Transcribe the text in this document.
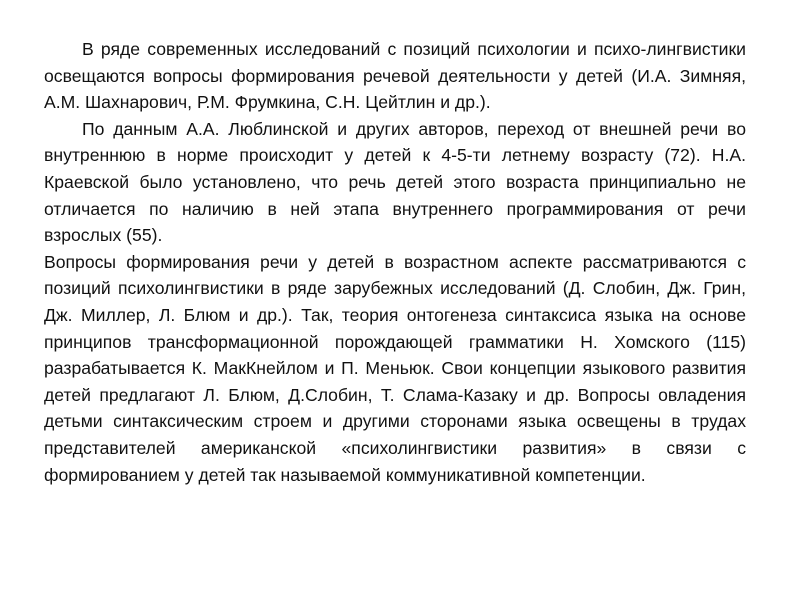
В ряде современных исследований с позиций психологии и психо-лингвистики освещаются вопросы формирования речевой деятельности у детей (И.А. Зимняя, А.М. Шахнарович, Р.М. Фрумкина, С.Н. Цейтлин и др.).

По данным А.А. Люблинской и других авторов, переход от внешней речи во внутреннюю в норме происходит у детей к 4-5-ти летнему возрасту (72). Н.А. Краевской было установлено, что речь детей этого возраста принципиально не отличается по наличию в ней этапа внутреннего программирования от речи взрослых (55).

Вопросы формирования речи у детей в возрастном аспекте рассматриваются с позиций психолингвистики в ряде зарубежных исследований (Д. Слобин, Дж. Грин, Дж. Миллер, Л. Блюм и др.). Так, теория онтогенеза синтаксиса языка на основе принципов трансформационной порождающей грамматики Н. Хомского (115) разрабатывается К. МакКнейлом и П. Меньюк. Свои концепции языкового развития детей предлагают Л. Блюм, Д.Слобин, Т. Слама-Казаку и др. Вопросы овладения детьми синтаксическим строем и другими сторонами языка освещены в трудах представителей американской «психолингвистики развития» в связи с формированием у детей так называемой коммуникативной компетенции.
